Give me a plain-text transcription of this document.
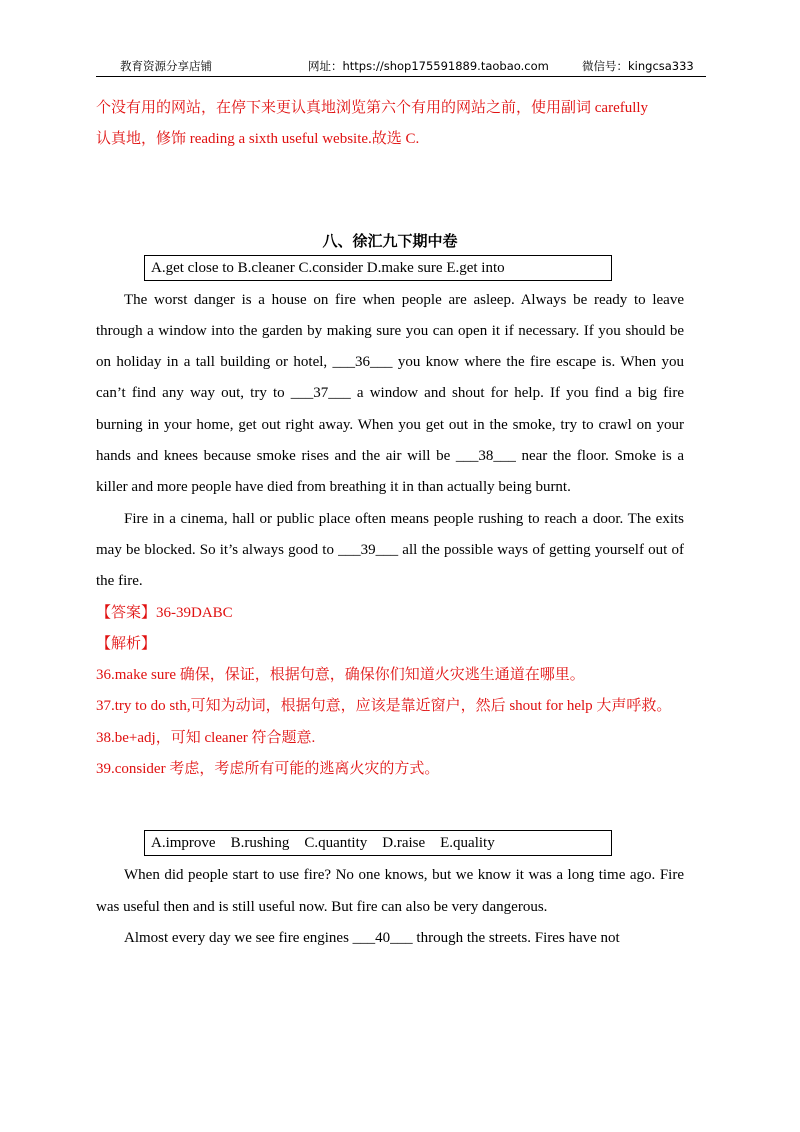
教育资源分享店铺	网址：https://shop175591889.taobao.com	微信号：kingcsa333

个没有用的网站，在停下来更认真地浏览第六个有用的网站之前，使用副词 carefully

认真地，修饰 reading a sixth useful website.故选 C.

八、徐汇九下期中卷
A.get close to B.cleaner C.consider D.make sure E.get into

The worst danger is a house on fire when people are asleep. Always be ready to leave through a window into the garden by making sure you can open it if necessary. If you should be on holiday in a tall building or hotel, ___36___ you know where the fire escape is. When you can’t find any way out, try to ___37___ a window and shout for help. If you find a big fire burning in your home, get out right away. When you get out in the smoke, try to crawl on your hands and knees because smoke rises and the air will be ___38___ near the floor. Smoke is a killer and more people have died from breathing it in than actually being burnt.

Fire in a cinema, hall or public place often means people rushing to reach a door. The exits may be blocked. So it’s always good to ___39___ all the possible ways of getting yourself out of the fire.

【答案】36-39DABC

【解析】

36.make sure 确保，保证，根据句意，确保你们知道火灾逃生通道在哪里。

37.try to do sth,可知为动词，根据句意，应该是靠近窗户，然后 shout for help 大声呼救。

38.be+adj，可知 cleaner 符合题意.

39.consider 考虑，考虑所有可能的逃离火灾的方式。

A.improve    B.rushing    C.quantity    D.raise    E.quality

When did people start to use fire? No one knows, but we know it was a long time ago. Fire was useful then and is still useful now. But fire can also be very dangerous.

Almost every day we see fire engines ___40___ through the streets. Fires have not
